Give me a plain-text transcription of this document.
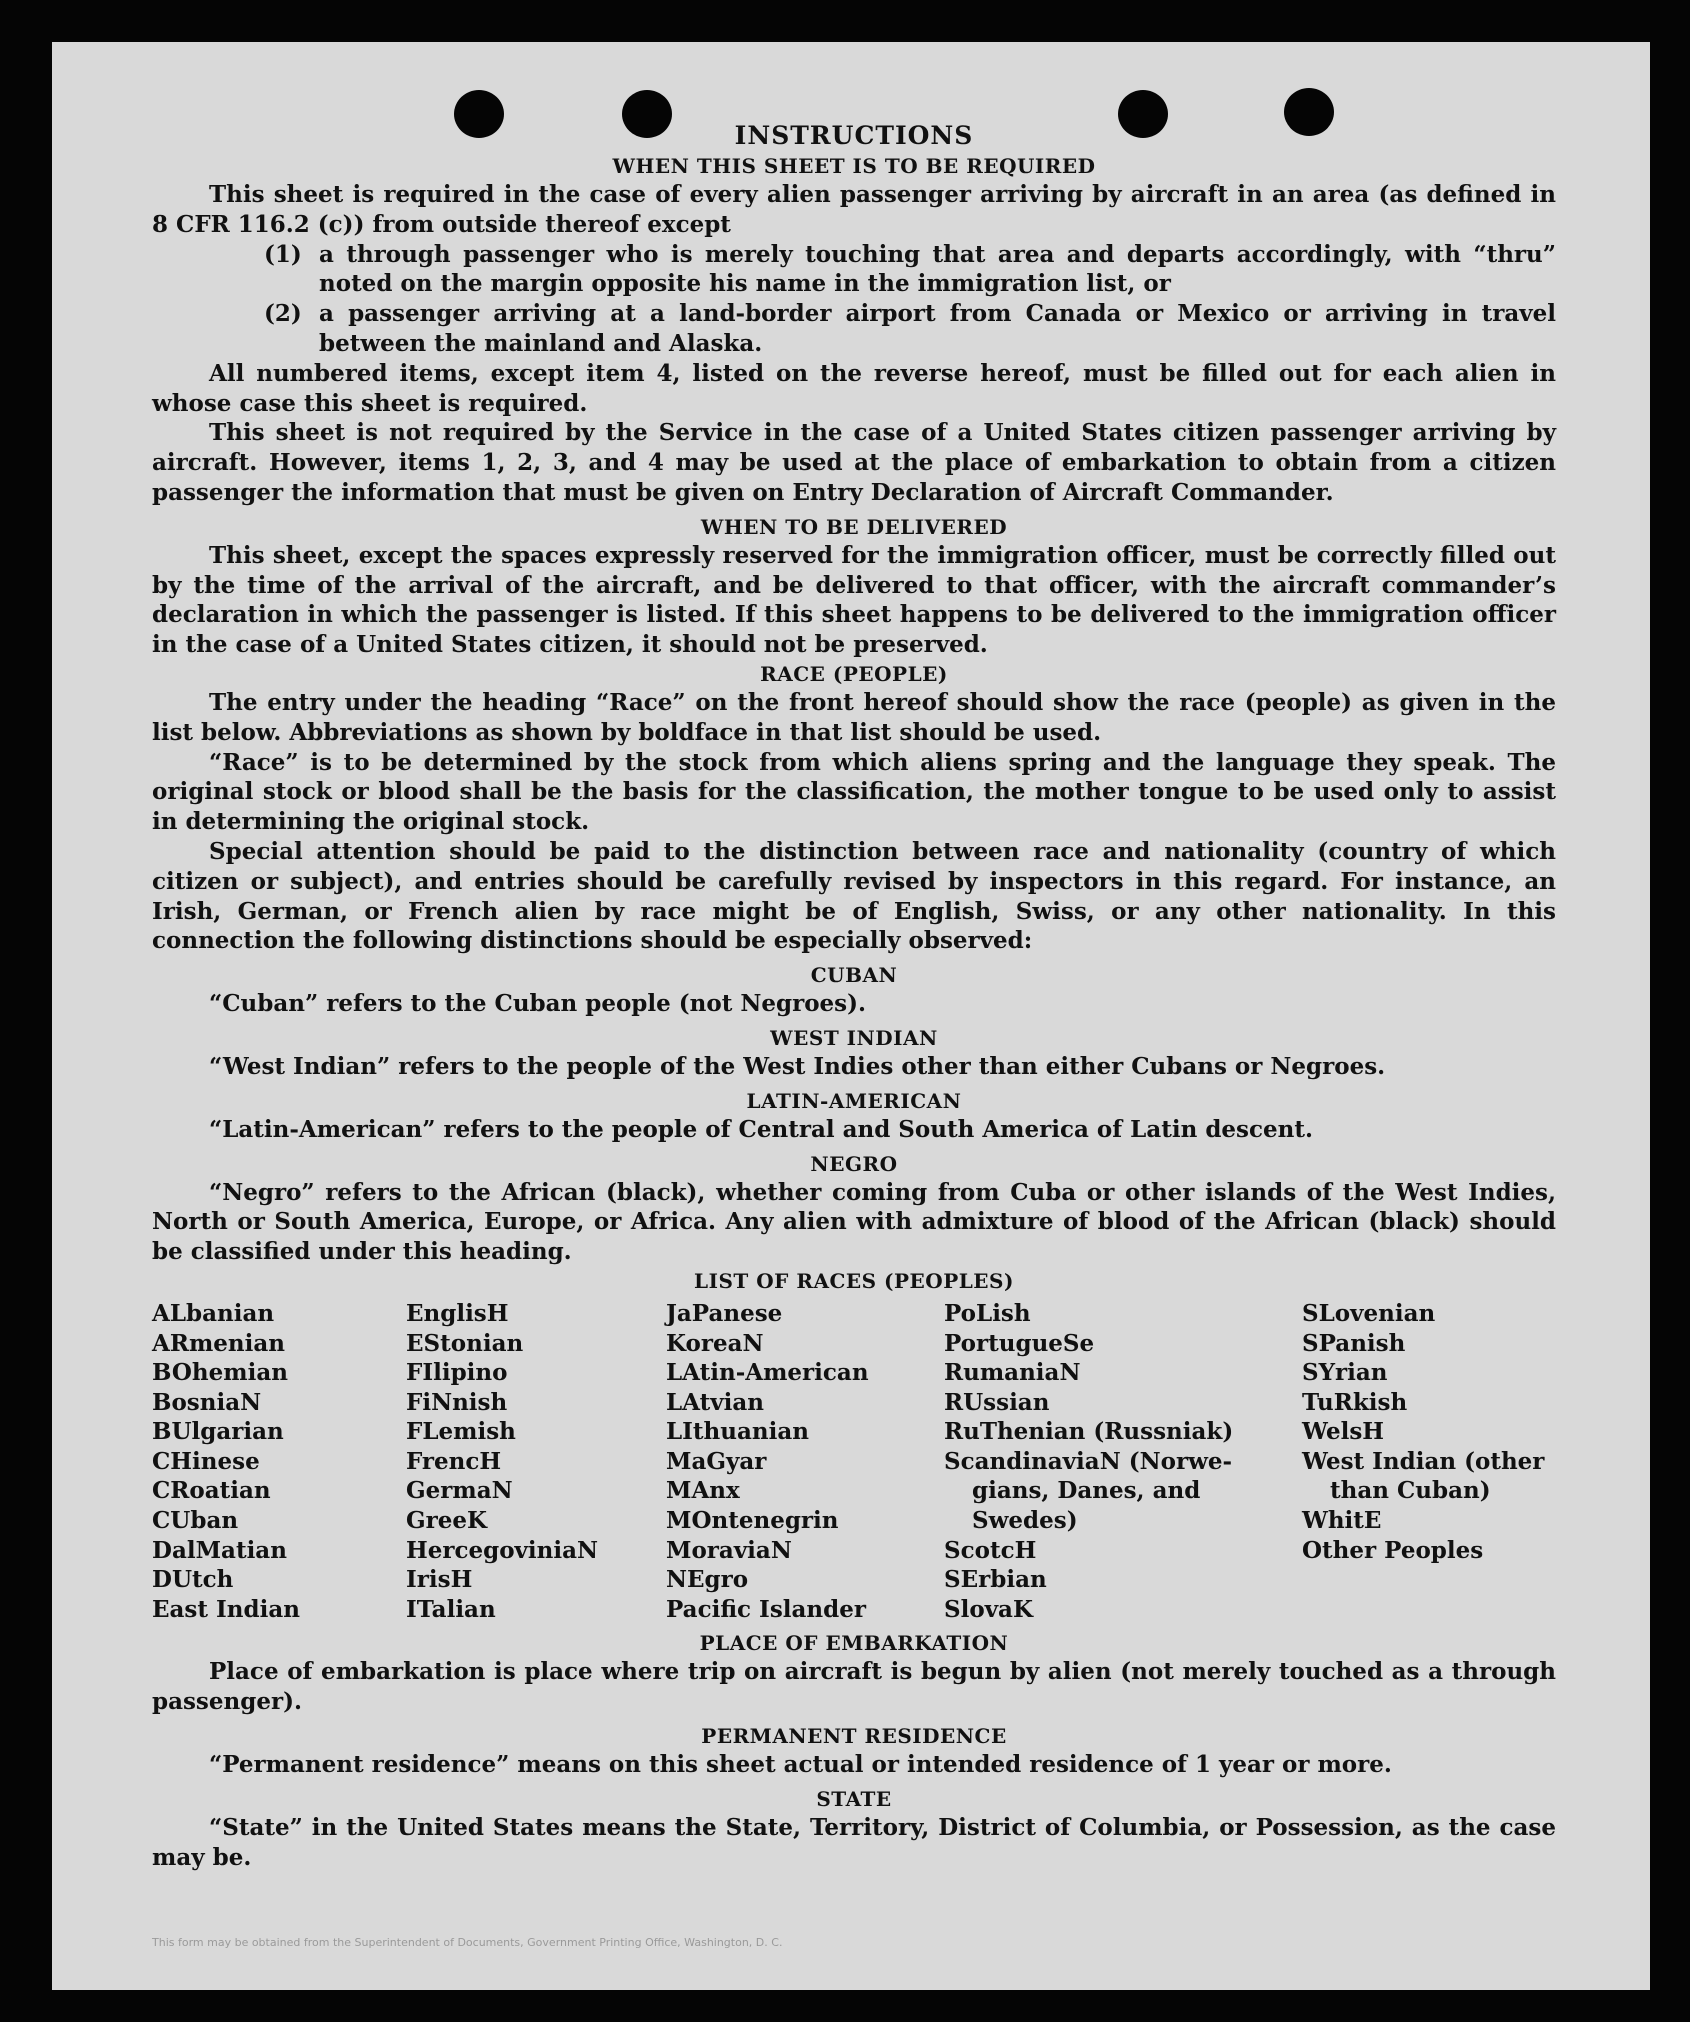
INSTRUCTIONS
WHEN THIS SHEET IS TO BE REQUIRED

This sheet is required in the case of every alien passenger arriving by aircraft in an area (as defined in 8 CFR 116.2 (c)) from outside thereof except

(1) a through passenger who is merely touching that area and departs accordingly, with “thru” noted on the margin opposite his name in the immigration list, or
(2) a passenger arriving at a land-border airport from Canada or Mexico or arriving in travel between the mainland and Alaska.

All numbered items, except item 4, listed on the reverse hereof, must be filled out for each alien in whose case this sheet is required.

This sheet is not required by the Service in the case of a United States citizen passenger arriving by aircraft. However, items 1, 2, 3, and 4 may be used at the place of embarkation to obtain from a citizen passenger the information that must be given on Entry Declaration of Aircraft Commander.

WHEN TO BE DELIVERED

This sheet, except the spaces expressly reserved for the immigration officer, must be correctly filled out by the time of the arrival of the aircraft, and be delivered to that officer, with the aircraft commander’s declaration in which the passenger is listed. If this sheet happens to be delivered to the immigration officer in the case of a United States citizen, it should not be preserved.

RACE (PEOPLE)

The entry under the heading “Race” on the front hereof should show the race (people) as given in the list below. Abbreviations as shown by boldface in that list should be used.

“Race” is to be determined by the stock from which aliens spring and the language they speak. The original stock or blood shall be the basis for the classification, the mother tongue to be used only to assist in determining the original stock.

Special attention should be paid to the distinction between race and nationality (country of which citizen or subject), and entries should be carefully revised by inspectors in this regard. For instance, an Irish, German, or French alien by race might be of English, Swiss, or any other nationality. In this connection the following distinctions should be especially observed:

CUBAN

“Cuban” refers to the Cuban people (not Negroes).

WEST INDIAN

“West Indian” refers to the people of the West Indies other than either Cubans or Negroes.

LATIN-AMERICAN

“Latin-American” refers to the people of Central and South America of Latin descent.

NEGRO

“Negro” refers to the African (black), whether coming from Cuba or other islands of the West Indies, North or South America, Europe, or Africa. Any alien with admixture of blood of the African (black) should be classified under this heading.

LIST OF RACES (PEOPLES)
ALbanian
ARmenian
BOhemian
BosniaN
BUlgarian
CHinese
CRoatian
CUban
DalMatian
DUtch
East Indian
EnglisH
EStonian
FIlipino
FiNnish
FLemish
FrencH
GermaN
GreeK
HercegoviniaN
IrisH
ITalian
JaPanese
KoreaN
LAtin-American
LAtvian
LIthuanian
MaGyar
MAnx
MOntenegrin
MoraviaN
NEgro
Pacific Islander
PoLish
PortugueSe
RumaniaN
RUssian
RuThenian (Russniak)
ScandinaviaN (Norwe-
gians, Danes, and
Swedes)
ScotcH
SErbian
SlovaK
SLovenian
SPanish
SYrian
TuRkish
WelsH
West Indian (other
than Cuban)
WhitE
Other Peoples
PLACE OF EMBARKATION

Place of embarkation is place where trip on aircraft is begun by alien (not merely touched as a through passenger).

PERMANENT RESIDENCE

“Permanent residence” means on this sheet actual or intended residence of 1 year or more.

STATE

“State” in the United States means the State, Territory, District of Columbia, or Possession, as the case may be.

This form may be obtained from the Superintendent of Documents, Government Printing Office, Washington, D. C.
